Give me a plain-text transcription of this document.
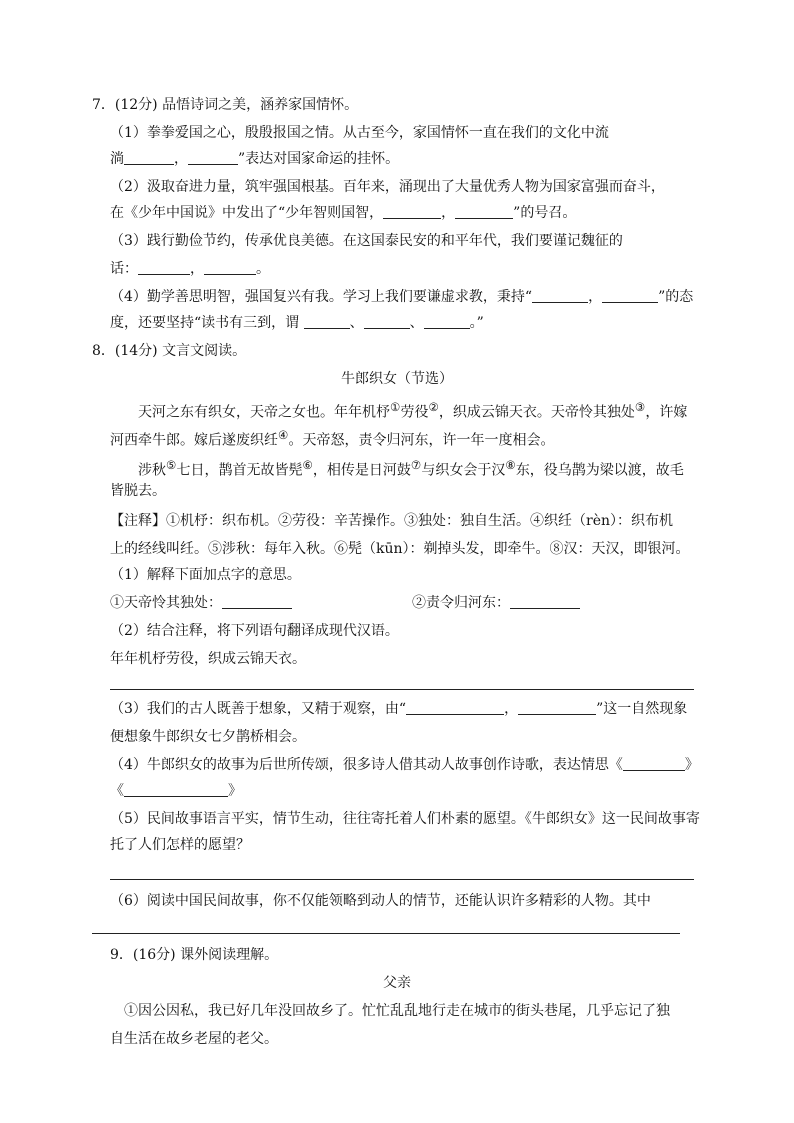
7．(12分) 品悟诗词之美，涵养家国情怀。
（1）拳拳爱国之心，殷殷报国之情。从古至今，家国情怀一直在我们的文化中流
淌	，	”表达对国家命运的挂怀。
（2）汲取奋进力量，筑牢强国根基。百年来，涌现出了大量优秀人物为国家富强而奋斗，
在《少年中国说》中发出了“少年智则国智，	，	”的号召。
（3）践行勤俭节约，传承优良美德。在这国泰民安的和平年代，我们要谨记魏征的
话：	，	。
（4）勤学善思明智，强国复兴有我。学习上我们要谦虚求教，秉持“	，	”的态
度，还要坚持“读书有三到，谓	、	、	。”
8．(14分) 文言文阅读。
牛郎织女（节选）
天河之东有织女，天帝之女也。年年机杼①劳役②，织成云锦天衣。天帝怜其独处③，许嫁
河西牵牛郎。嫁后遂废织纴④。天帝怒，责令归河东，许一年一度相会。
涉秋⑤七日，鹊首无故皆髡⑥，相传是日河鼓⑦与织女会于汉⑧东，役乌鹊为梁以渡，故毛
皆脱去。
【注释】①机杼：织布机。②劳役：辛苦操作。③独处：独自生活。④织纴（rèn）：织布机
上的经线叫纴。⑤涉秋：每年入秋。⑥髡（kūn）：剃掉头发，即牵牛。⑧汉：天汉，即银河。
（1）解释下面加点字的意思。
①天帝怜其独处：	②责令归河东：
（2）结合注释，将下列语句翻译成现代汉语。
年年机杼劳役，织成云锦天衣。
（3）我们的古人既善于想象，又精于观察，由“	，	”这一自然现象
便想象牛郎织女七夕鹊桥相会。
（4）牛郎织女的故事为后世所传颂，很多诗人借其动人故事创作诗歌，表达情思《	》
《	》
（5）民间故事语言平实，情节生动，往往寄托着人们朴素的愿望。《牛郎织女》这一民间故事寄
托了人们怎样的愿望？
（6）阅读中国民间故事，你不仅能领略到动人的情节，还能认识许多精彩的人物。其中
9．(16分) 课外阅读理解。
父亲
①因公因私，我已好几年没回故乡了。忙忙乱乱地行走在城市的街头巷尾，几乎忘记了独
自生活在故乡老屋的老父。
